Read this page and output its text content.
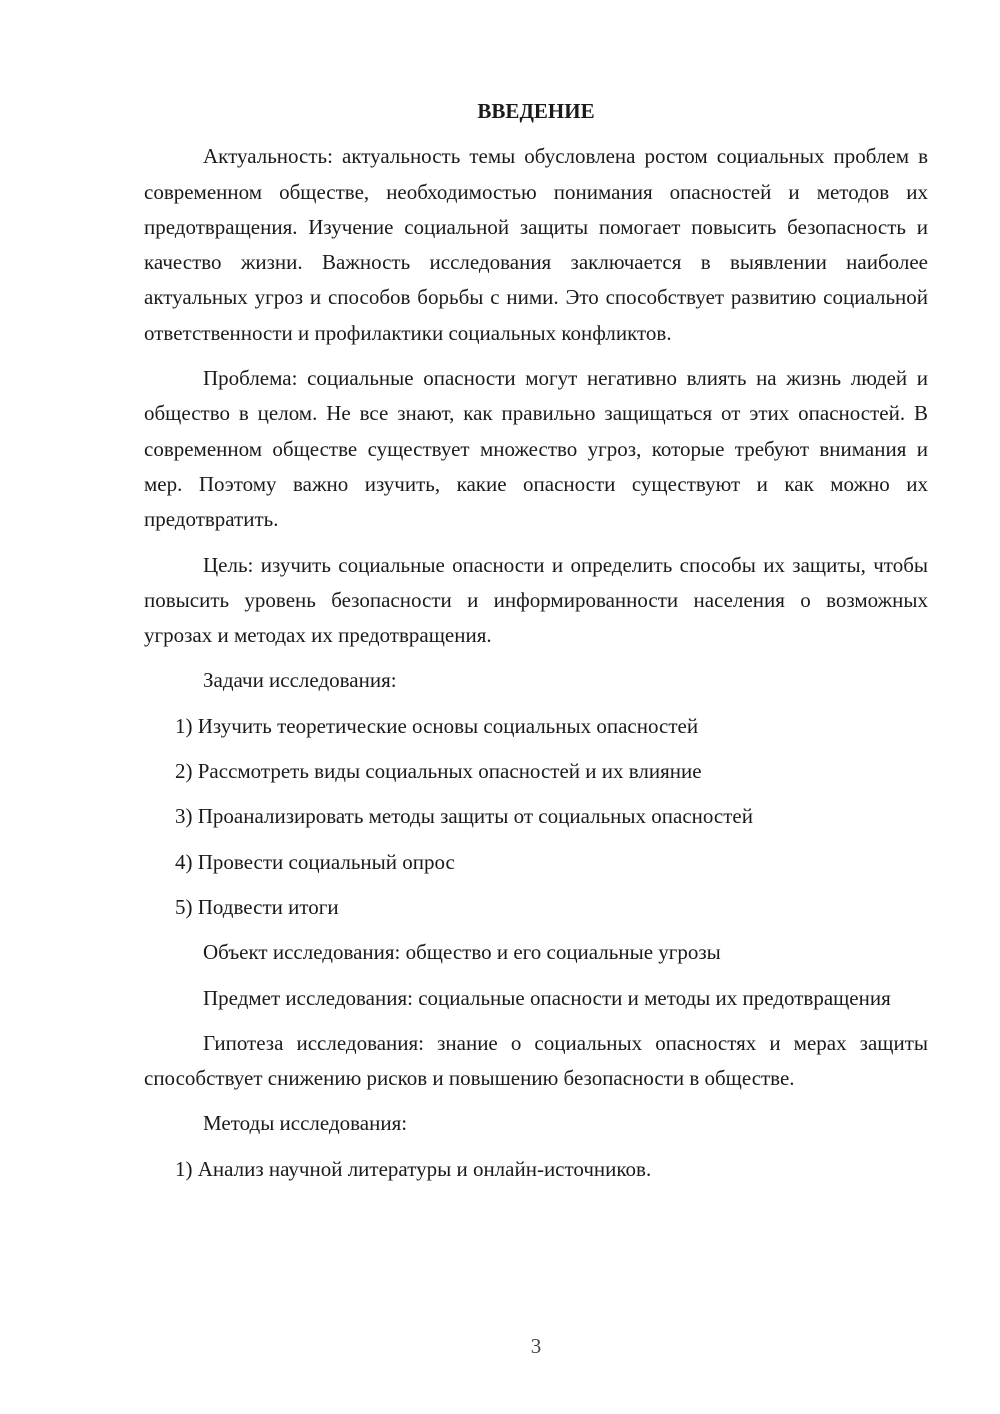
ВВЕДЕНИЕ
Актуальность: актуальность темы обусловлена ростом социальных проблем в современном обществе, необходимостью понимания опасностей и методов их предотвращения. Изучение социальной защиты помогает повысить безопасность и качество жизни. Важность исследования заключается в выявлении наиболее актуальных угроз и способов борьбы с ними. Это способствует развитию социальной ответственности и профилактики социальных конфликтов.
Проблема: социальные опасности могут негативно влиять на жизнь людей и общество в целом. Не все знают, как правильно защищаться от этих опасностей. В современном обществе существует множество угроз, которые требуют внимания и мер. Поэтому важно изучить, какие опасности существуют и как можно их предотвратить.
Цель: изучить социальные опасности и определить способы их защиты, чтобы повысить уровень безопасности и информированности населения о возможных угрозах и методах их предотвращения.
Задачи исследования:
1) Изучить теоретические основы социальных опасностей
2) Рассмотреть виды социальных опасностей и их влияние
3) Проанализировать методы защиты от социальных опасностей
4) Провести социальный опрос
5) Подвести итоги
Объект исследования: общество и его социальные угрозы
Предмет исследования: социальные опасности и методы их предотвращения
Гипотеза исследования: знание о социальных опасностях и мерах защиты способствует снижению рисков и повышению безопасности в обществе.
Методы исследования:
1) Анализ научной литературы и онлайн-источников.
3
